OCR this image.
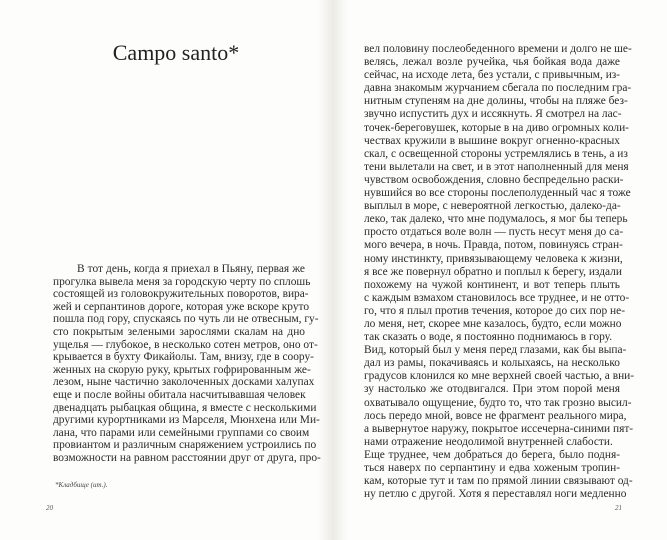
Campo santo*
В тот день, когда я приехал в Пьяну, первая же
прогулка вывела меня за городскую черту по сплошь
состоящей из головокружительных поворотов, вира-
жей и серпантинов дороге, которая уже вскоре круто
пошла под гору, спускаясь по чуть ли не отвесным, гу-
сто покрытым зелеными зарослями скалам на дно
ущелья — глубокое, в несколько сотен метров, оно от-
крывается в бухту Фикайолы. Там, внизу, где в соору-
женных на скорую руку, крытых гофрированным же-
лезом, ныне частично заколоченных досками халупах
еще и после войны обитала насчитывавшая человек
двенадцать рыбацкая община, я вместе с несколькими
другими курортниками из Марселя, Мюнхена или Ми-
лана, что парами или семейными группами со своим
провиантом и различным снаряжением устроились по
возможности на равном расстоянии друг от друга, про-
*Кладбище (ит.).
20
вел половину послеобеденного времени и долго не ше-
велясь, лежал возле ручейка, чья бойкая вода даже
сейчас, на исходе лета, без устали, с привычным, из-
давна знакомым журчанием сбегала по последним гра-
нитным ступеням на дне долины, чтобы на пляже без-
звучно испустить дух и иссякнуть. Я смотрел на лас-
точек-береговушек, которые в на диво огромных коли-
чествах кружили в вышине вокруг огненно-красных
скал, с освещенной стороны устремлялись в тень, а из
тени вылетали на свет, и в этот наполненный для меня
чувством освобождения, словно беспредельно раски-
нувшийся во все стороны послеполуденный час я тоже
выплыл в море, с невероятной легкостью, далеко-да-
леко, так далеко, что мне подумалось, я мог бы теперь
просто отдаться воле волн — пусть несут меня до са-
мого вечера, в ночь. Правда, потом, повинуясь стран-
ному инстинкту, привязывающему человека к жизни,
я все же повернул обратно и поплыл к берегу, издали
похожему на чужой континент, и вот теперь плыть
с каждым взмахом становилось все труднее, и не отто-
го, что я плыл против течения, которое до сих пор не-
ло меня, нет, скорее мне казалось, будто, если можно
так сказать о воде, я постоянно поднимаюсь в гору.
Вид, который был у меня перед глазами, как бы выпа-
дал из рамы, покачиваясь и колыхаясь, на несколько
градусов клонился ко мне верхней своей частью, а вни-
зу настолько же отодвигался. При этом порой меня
охватывало ощущение, будто то, что так грозно высил-
лось передо мной, вовсе не фрагмент реального мира,
а вывернутое наружу, покрытое иссечерна-синими пят-
нами отражение неодолимой внутренней слабости.
Еще труднее, чем добраться до берега, было подня-
ться наверх по серпантину и едва хоженым тропин-
кам, которые тут и там по прямой линии связывают од-
ну петлю с другой. Хотя я переставлял ноги медленно
21
